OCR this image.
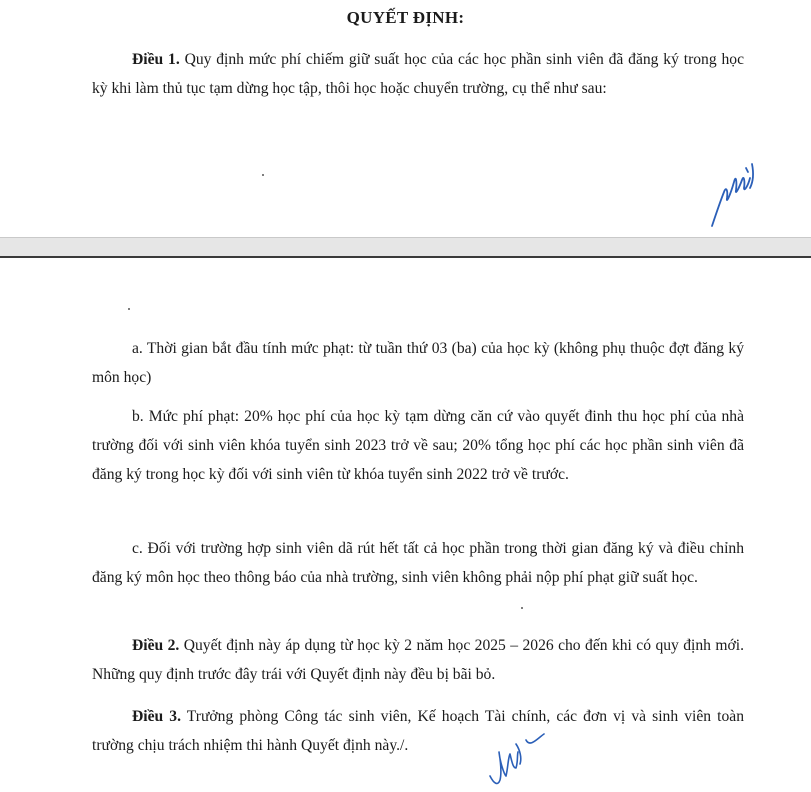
QUYẾT ĐỊNH:

Điều 1. Quy định mức phí chiếm giữ suất học của các học phần sinh viên đã đăng ký trong học kỳ khi làm thủ tục tạm dừng học tập, thôi học hoặc chuyển trường, cụ thể như sau:

a. Thời gian bắt đầu tính mức phạt: từ tuần thứ 03 (ba) của học kỳ (không phụ thuộc đợt đăng ký môn học)

b. Mức phí phạt: 20% học phí của học kỳ tạm dừng căn cứ vào quyết đinh thu học phí của nhà trường đối với sinh viên khóa tuyển sinh 2023 trở về sau; 20% tổng học phí các học phần sinh viên đã đăng ký trong học kỳ đối với sinh viên từ khóa tuyển sinh 2022 trở về trước.

c. Đối với trường hợp sinh viên dã rút hết tất cả học phần trong thời gian đăng ký và điều chỉnh đăng ký môn học theo thông báo của nhà trường, sinh viên không phải nộp phí phạt giữ suất học.

Điều 2. Quyết định này áp dụng từ học kỳ 2 năm học 2025 – 2026 cho đến khi có quy định mới. Những quy định trước đây trái với Quyết định này đều bị bãi bỏ.

Điều 3. Trưởng phòng Công tác sinh viên, Kế hoạch Tài chính, các đơn vị và sinh viên toàn trường chịu trách nhiệm thi hành Quyết định này./.
